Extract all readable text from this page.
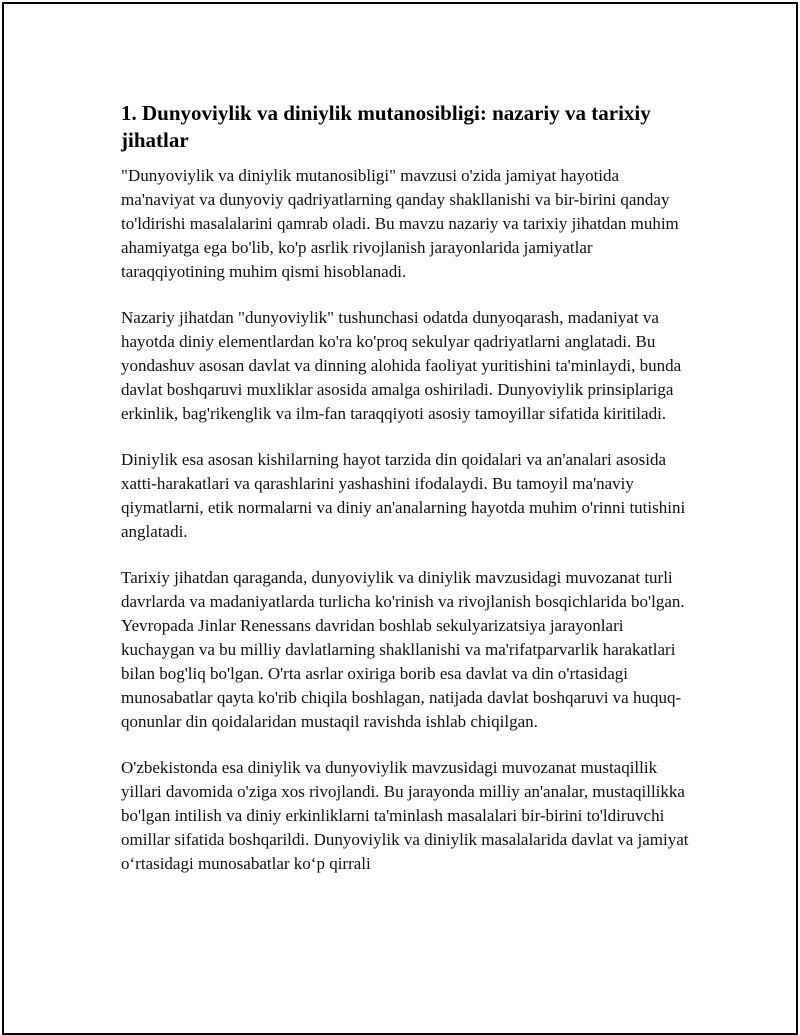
1. Dunyoviylik va diniylik mutanosibligi: nazariy va tarixiy jihatlar

"Dunyoviylik va diniylik mutanosibligi" mavzusi o'zida jamiyat hayotida ma'naviyat va dunyoviy qadriyatlarning qanday shakllanishi va bir-birini qanday to'ldirishi masalalarini qamrab oladi. Bu mavzu nazariy va tarixiy jihatdan muhim ahamiyatga ega bo'lib, ko'p asrlik rivojlanish jarayonlarida jamiyatlar taraqqiyotining muhim qismi hisoblanadi.

Nazariy jihatdan "dunyoviylik" tushunchasi odatda dunyoqarash, madaniyat va hayotda diniy elementlardan ko'ra ko'proq sekulyar qadriyatlarni anglatadi. Bu yondashuv asosan davlat va dinning alohida faoliyat yuritishini ta'minlaydi, bunda davlat boshqaruvi muxliklar asosida amalga oshiriladi. Dunyoviylik prinsiplariga erkinlik, bag'rikenglik va ilm-fan taraqqiyoti asosiy tamoyillar sifatida kiritiladi.

Diniylik esa asosan kishilarning hayot tarzida din qoidalari va an'analari asosida xatti-harakatlari va qarashlarini yashashini ifodalaydi. Bu tamoyil ma'naviy qiymatlarni, etik normalarni va diniy an'analarning hayotda muhim o'rinni tutishini anglatadi.

Tarixiy jihatdan qaraganda, dunyoviylik va diniylik mavzusidagi muvozanat turli davrlarda va madaniyatlarda turlicha ko'rinish va rivojlanish bosqichlarida bo'lgan. Yevropada Jinlar Renessans davridan boshlab sekulyarizatsiya jarayonlari kuchaygan va bu milliy davlatlarning shakllanishi va ma'rifatparvarlik harakatlari bilan bog'liq bo'lgan. O'rta asrlar oxiriga borib esa davlat va din o'rtasidagi munosabatlar qayta ko'rib chiqila boshlagan, natijada davlat boshqaruvi va huquq-qonunlar din qoidalaridan mustaqil ravishda ishlab chiqilgan.

O'zbekistonda esa diniylik va dunyoviylik mavzusidagi muvozanat mustaqillik yillari davomida o'ziga xos rivojlandi. Bu jarayonda milliy an'analar, mustaqillikka bo'lgan intilish va diniy erkinliklarni ta'minlash masalalari bir-birini to'ldiruvchi omillar sifatida boshqarildi. Dunyoviylik va diniylik masalalarida davlat va jamiyat oʻrtasidagi munosabatlar koʻp qirrali
